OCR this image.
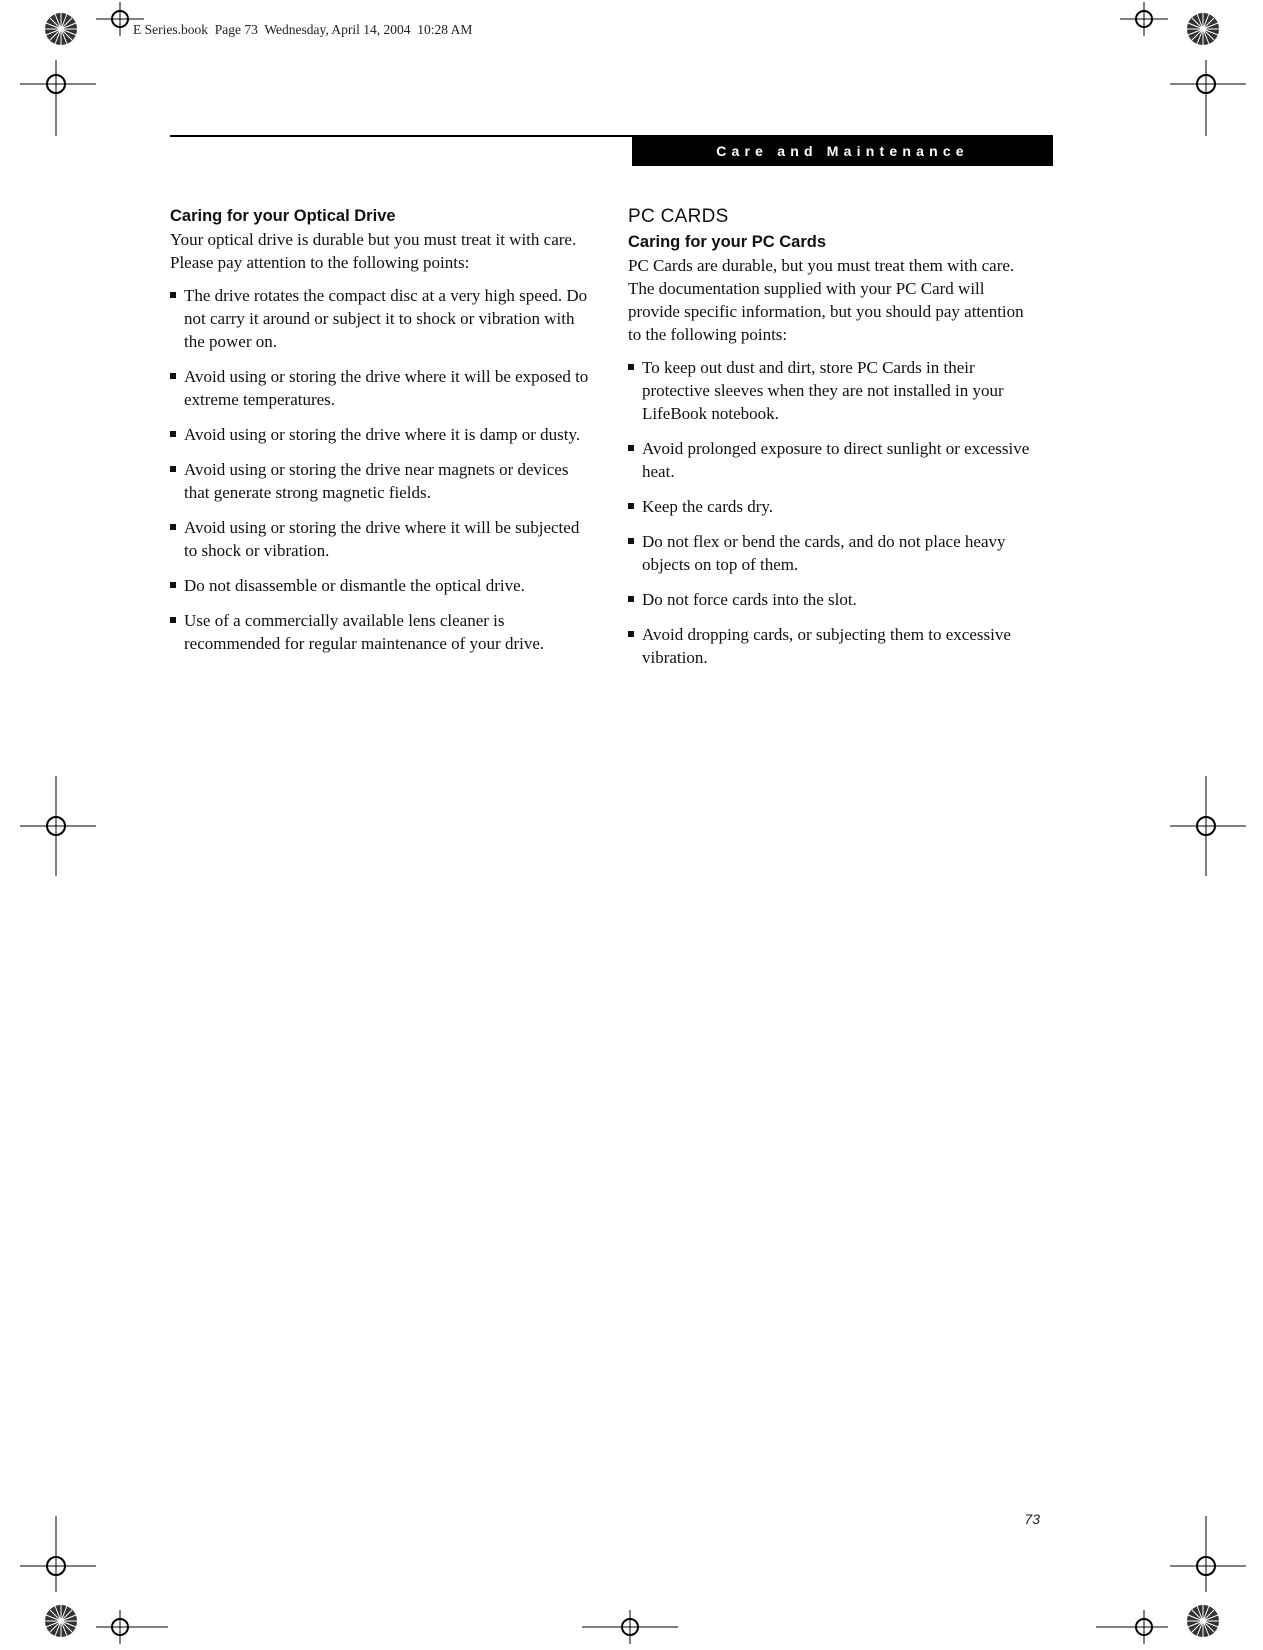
E Series.book  Page 73  Wednesday, April 14, 2004  10:28 AM
Care and Maintenance
Caring for your Optical Drive

Your optical drive is durable but you must treat it with care. Please pay attention to the following points:

The drive rotates the compact disc at a very high speed. Do not carry it around or subject it to shock or vibration with the power on.
Avoid using or storing the drive where it will be exposed to extreme temperatures.
Avoid using or storing the drive where it is damp or dusty.
Avoid using or storing the drive near magnets or devices that generate strong magnetic fields.
Avoid using or storing the drive where it will be subjected to shock or vibration.
Do not disassemble or dismantle the optical drive.
Use of a commercially available lens cleaner is recommended for regular maintenance of your drive.
PC CARDS
Caring for your PC Cards

PC Cards are durable, but you must treat them with care. The documentation supplied with your PC Card will provide specific information, but you should pay attention to the following points:

To keep out dust and dirt, store PC Cards in their protective sleeves when they are not installed in your LifeBook notebook.
Avoid prolonged exposure to direct sunlight or excessive heat.
Keep the cards dry.
Do not flex or bend the cards, and do not place heavy objects on top of them.
Do not force cards into the slot.
Avoid dropping cards, or subjecting them to excessive vibration.
73
